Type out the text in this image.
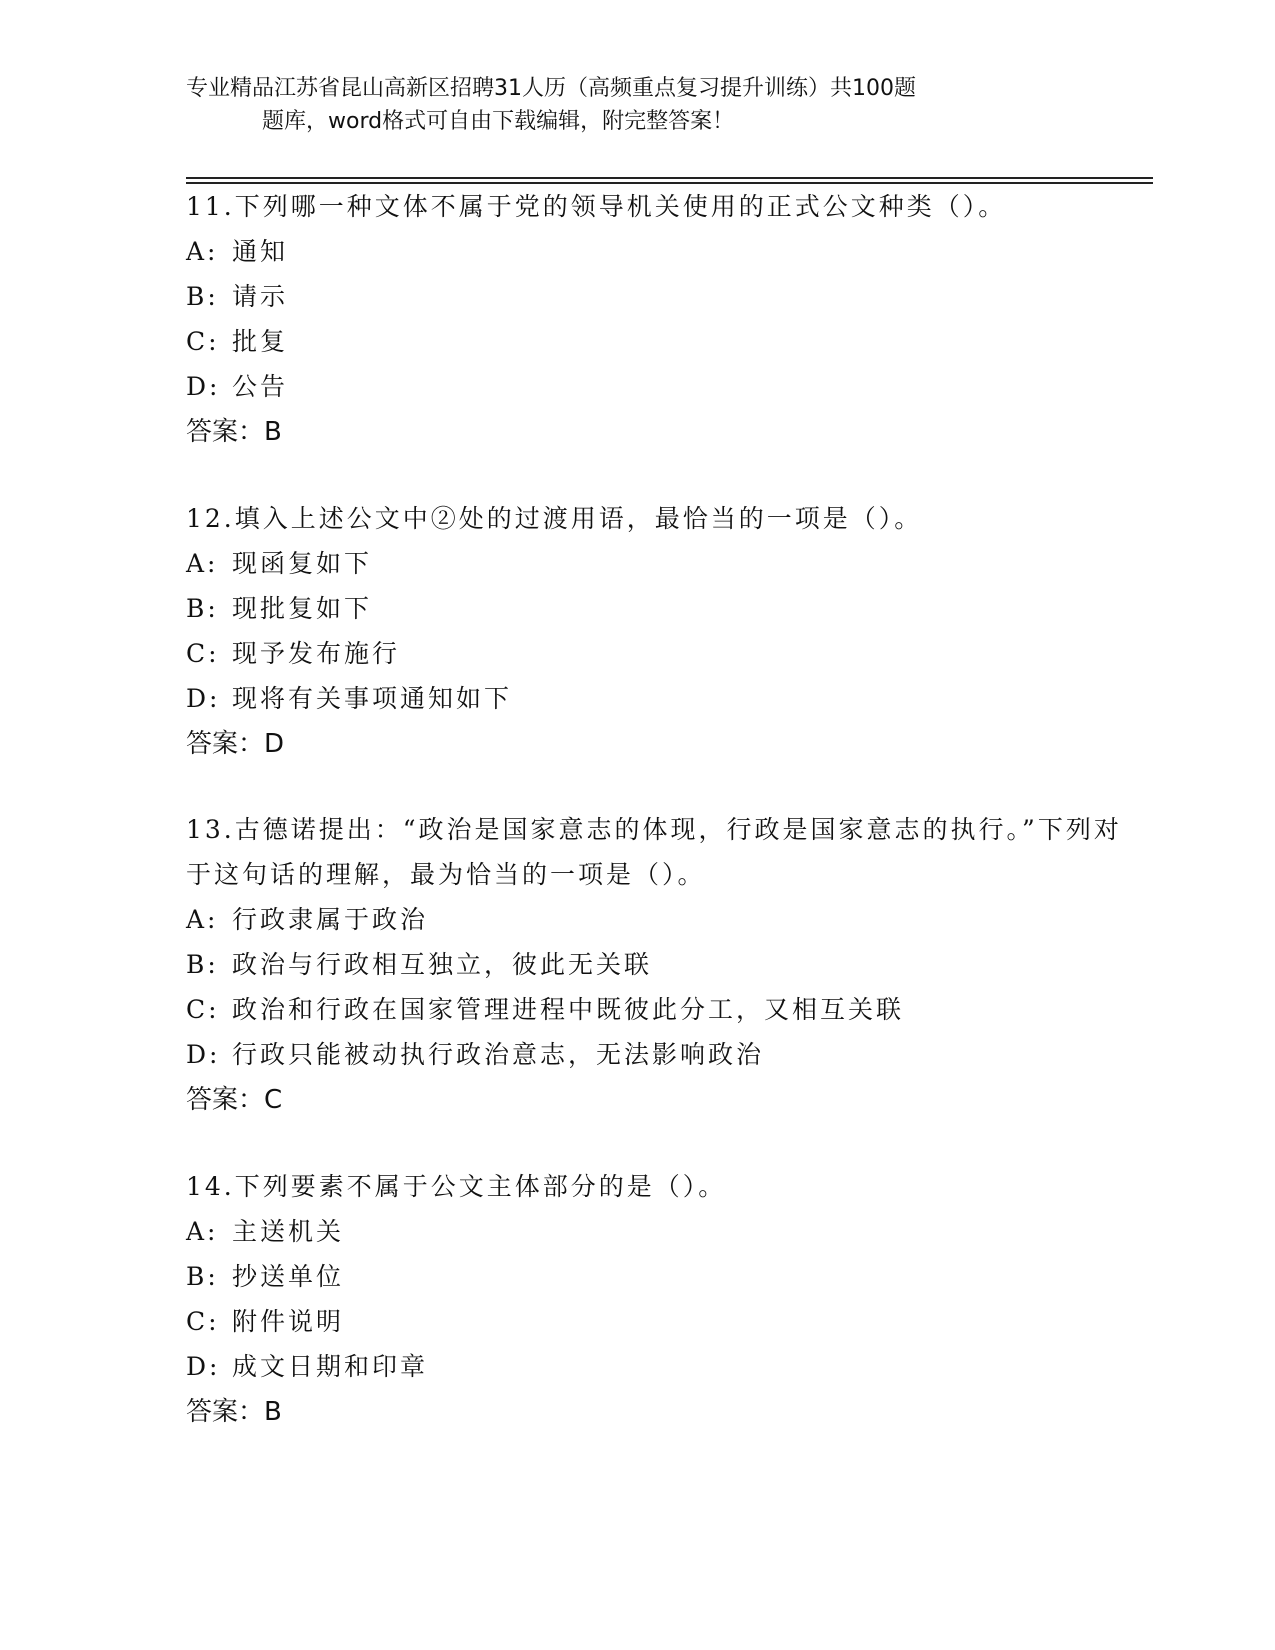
专业精品江苏省昆山高新区招聘31人历（高频重点复习提升训练）共100题
题库，word格式可自由下载编辑，附完整答案！

11.下列哪一种文体不属于党的领导机关使用的正式公文种类（）。

A: 通知

B: 请示

C: 批复

D: 公告

答案：B

12.填入上述公文中②处的过渡用语，最恰当的一项是（）。

A: 现函复如下

B: 现批复如下

C: 现予发布施行

D: 现将有关事项通知如下

答案：D

13.古德诺提出：“政治是国家意志的体现，行政是国家意志的执行。”下列对于这句话的理解，最为恰当的一项是（）。

A: 行政隶属于政治

B: 政治与行政相互独立，彼此无关联

C: 政治和行政在国家管理进程中既彼此分工，又相互关联

D: 行政只能被动执行政治意志，无法影响政治

答案：C

14.下列要素不属于公文主体部分的是（）。

A: 主送机关

B: 抄送单位

C: 附件说明

D: 成文日期和印章

答案：B
